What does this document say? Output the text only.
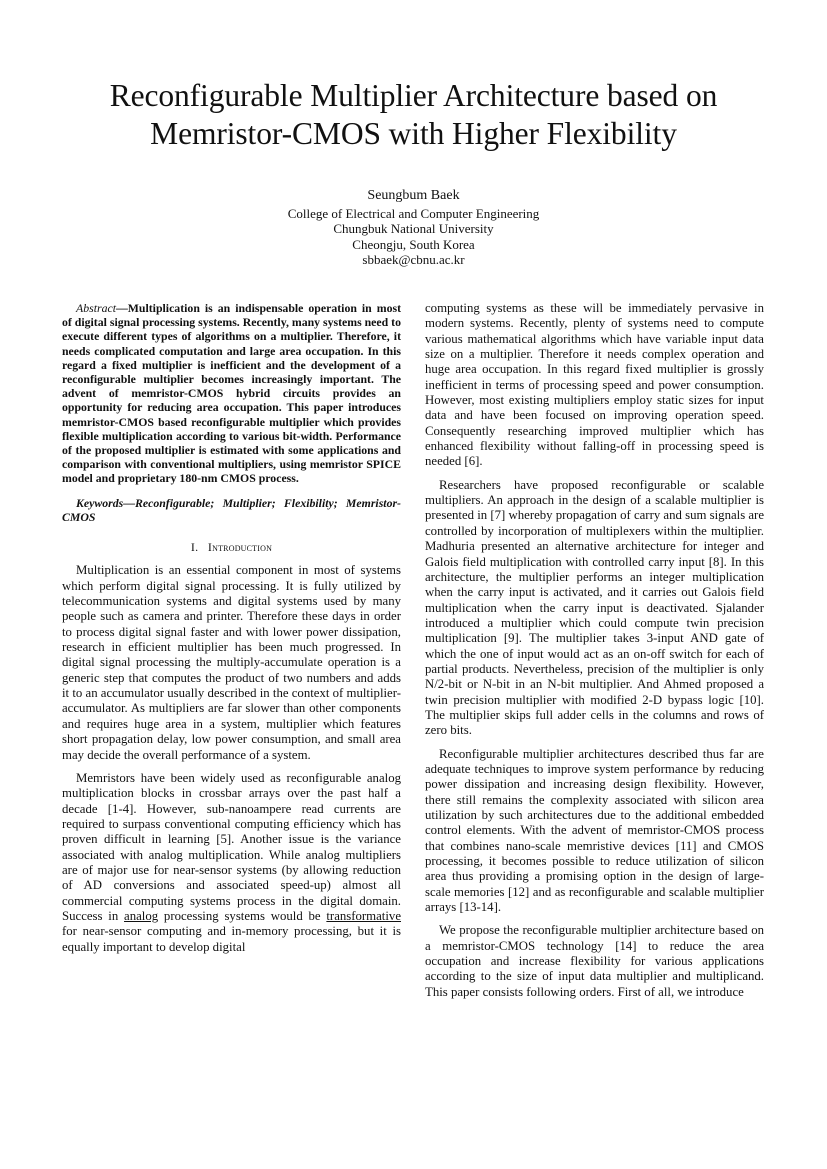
Reconfigurable Multiplier Architecture based on Memristor-CMOS with Higher Flexibility
Seungbum Baek
College of Electrical and Computer Engineering
Chungbuk National University
Cheongju, South Korea
sbbaek@cbnu.ac.kr

Abstract—Multiplication is an indispensable operation in most of digital signal processing systems. Recently, many systems need to execute different types of algorithms on a multiplier. Therefore, it needs complicated computation and large area occupation. In this regard a fixed multiplier is inefficient and the development of a reconfigurable multiplier becomes increasingly important. The advent of memristor-CMOS hybrid circuits provides an opportunity for reducing area occupation. This paper introduces memristor-CMOS based reconfigurable multiplier which provides flexible multiplication according to various bit-width. Performance of the proposed multiplier is estimated with some applications and comparison with conventional multipliers, using memristor SPICE model and proprietary 180-nm CMOS process.

Keywords—Reconfigurable; Multiplier; Flexibility; Memristor-CMOS

I. Introduction

Multiplication is an essential component in most of systems which perform digital signal processing. It is fully utilized by telecommunication systems and digital systems used by many people such as camera and printer. Therefore these days in order to process digital signal faster and with lower power dissipation, research in efficient multiplier has been much progressed. In digital signal processing the multiply-accumulate operation is a generic step that computes the product of two numbers and adds it to an accumulator usually described in the context of multiplier-accumulator. As multipliers are far slower than other components and requires huge area in a system, multiplier which features short propagation delay, low power consumption, and small area may decide the overall performance of a system.

Memristors have been widely used as reconfigurable analog multiplication blocks in crossbar arrays over the past half a decade [1-4]. However, sub-nanoampere read currents are required to surpass conventional computing efficiency which has proven difficult in learning [5]. Another issue is the variance associated with analog multiplication. While analog multipliers are of major use for near-sensor systems (by allowing reduction of AD conversions and associated speed-up) almost all commercial computing systems process in the digital domain. Success in analog processing systems would be transformative for near-sensor computing and in-memory processing, but it is equally important to develop digital

computing systems as these will be immediately pervasive in modern systems. Recently, plenty of systems need to compute various mathematical algorithms which have variable input data size on a multiplier. Therefore it needs complex operation and huge area occupation. In this regard fixed multiplier is grossly inefficient in terms of processing speed and power consumption. However, most existing multipliers employ static sizes for input data and have been focused on improving operation speed. Consequently researching improved multiplier which has enhanced flexibility without falling-off in processing speed is needed [6].

Researchers have proposed reconfigurable or scalable multipliers. An approach in the design of a scalable multiplier is presented in [7] whereby propagation of carry and sum signals are controlled by incorporation of multiplexers within the multiplier. Madhuria presented an alternative architecture for integer and Galois field multiplication with controlled carry input [8]. In this architecture, the multiplier performs an integer multiplication when the carry input is activated, and it carries out Galois field multiplication when the carry input is deactivated. Sjalander introduced a multiplier which could compute twin precision multiplication [9]. The multiplier takes 3-input AND gate of which the one of input would act as an on-off switch for each of partial products. Nevertheless, precision of the multiplier is only N/2-bit or N-bit in an N-bit multiplier. And Ahmed proposed a twin precision multiplier with modified 2-D bypass logic [10]. The multiplier skips full adder cells in the columns and rows of zero bits.

Reconfigurable multiplier architectures described thus far are adequate techniques to improve system performance by reducing power dissipation and increasing design flexibility. However, there still remains the complexity associated with silicon area utilization by such architectures due to the additional embedded control elements. With the advent of memristor-CMOS process that combines nano-scale memristive devices [11] and CMOS processing, it becomes possible to reduce utilization of silicon area thus providing a promising option in the design of large-scale memories [12] and as reconfigurable and scalable multiplier arrays [13-14].

We propose the reconfigurable multiplier architecture based on a memristor-CMOS technology [14] to reduce the area occupation and increase flexibility for various applications according to the size of input data multiplier and multiplicand. This paper consists following orders. First of all, we introduce
